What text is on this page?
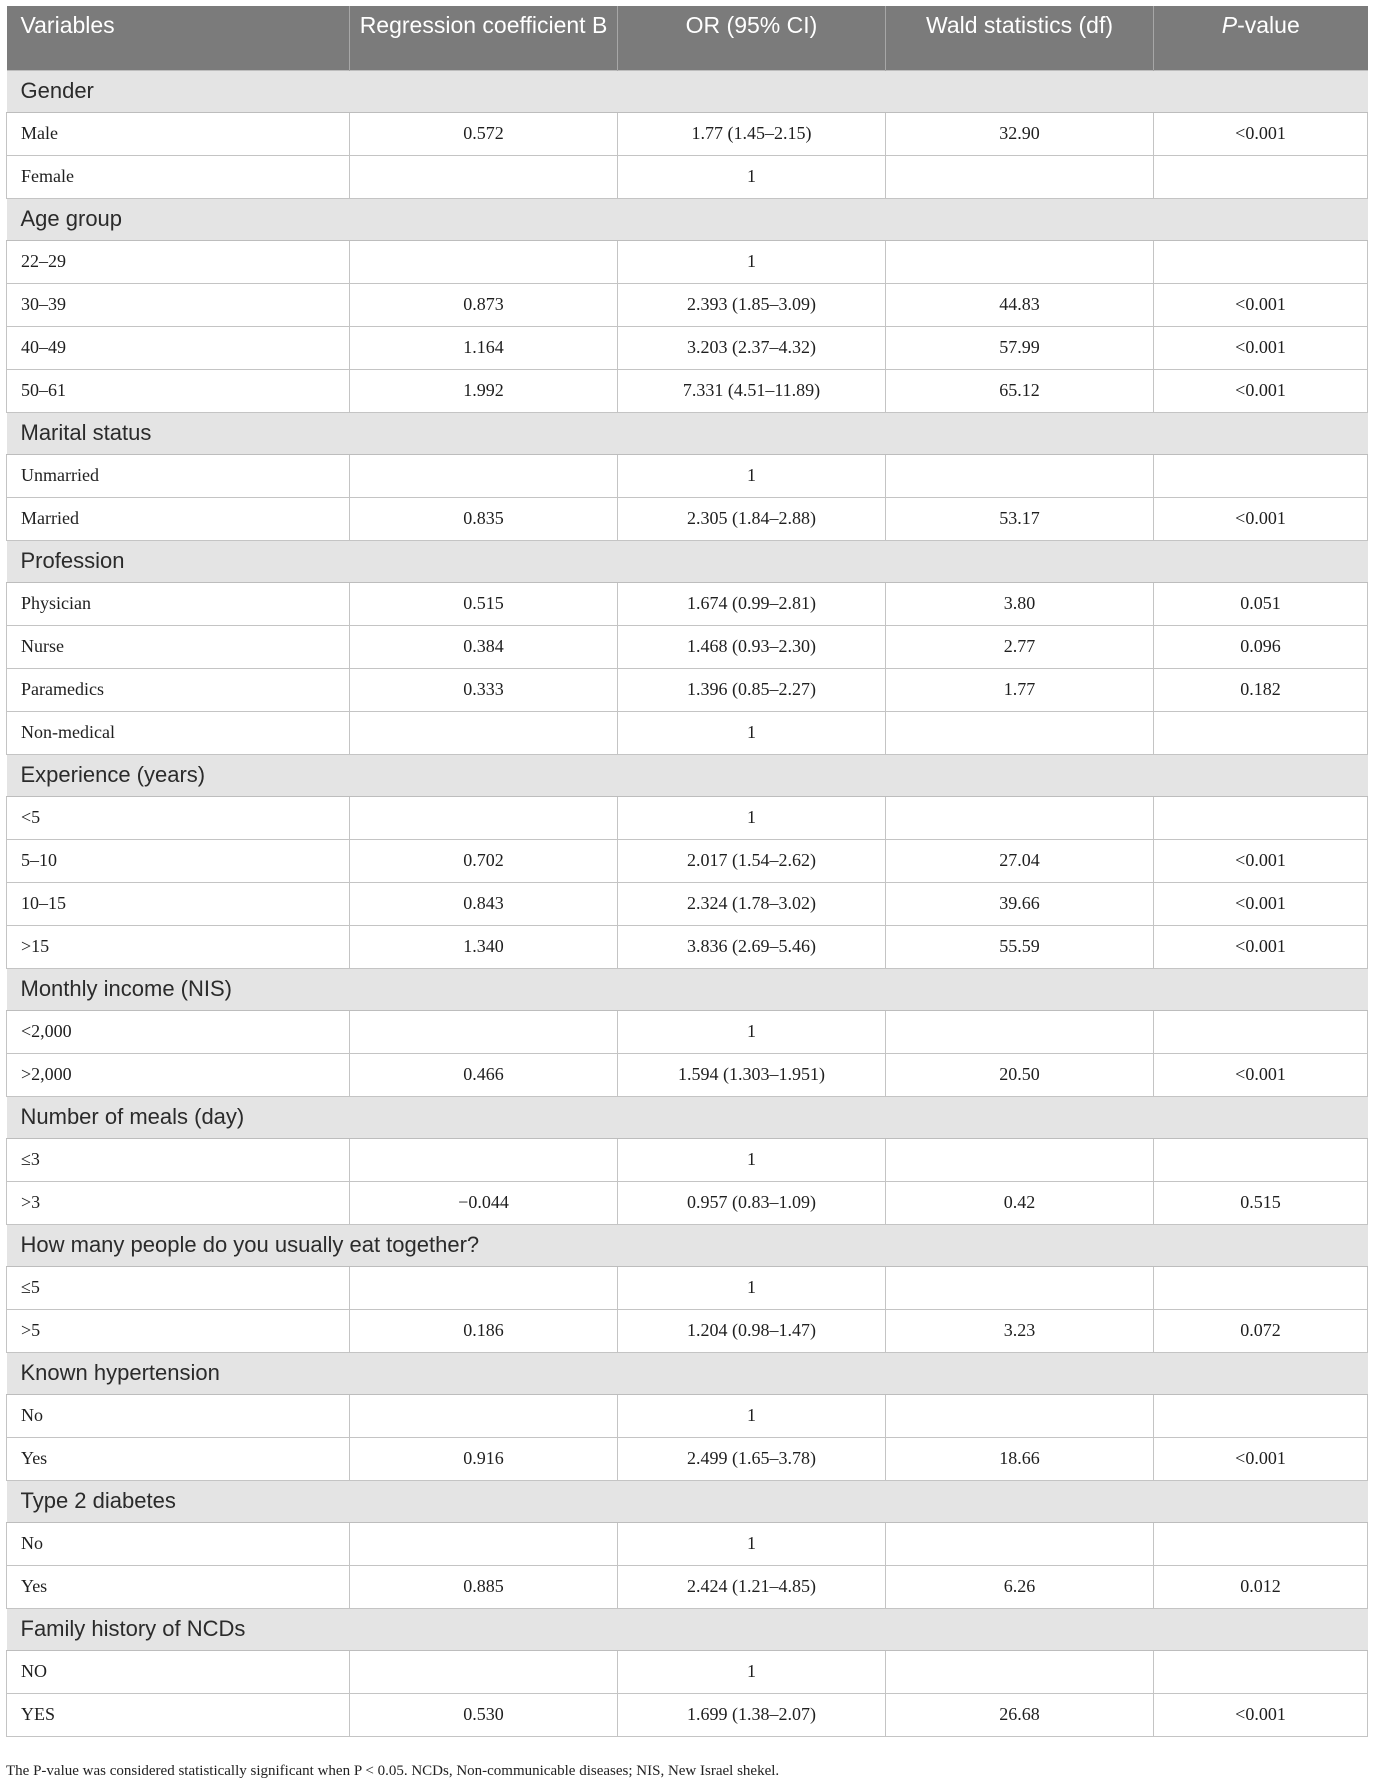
Variables	Regression coefficient B	OR (95% CI)	Wald statistics (df)	P-value
Gender				
Male	0.572	1.77 (1.45–2.15)	32.90	<0.001
Female		1		
Age group				
22–29		1		
30–39	0.873	2.393 (1.85–3.09)	44.83	<0.001
40–49	1.164	3.203 (2.37–4.32)	57.99	<0.001
50–61	1.992	7.331 (4.51–11.89)	65.12	<0.001
Marital status				
Unmarried		1		
Married	0.835	2.305 (1.84–2.88)	53.17	<0.001
Profession				
Physician	0.515	1.674 (0.99–2.81)	3.80	0.051
Nurse	0.384	1.468 (0.93–2.30)	2.77	0.096
Paramedics	0.333	1.396 (0.85–2.27)	1.77	0.182
Non-medical		1		
Experience (years)				
<5		1		
5–10	0.702	2.017 (1.54–2.62)	27.04	<0.001
10–15	0.843	2.324 (1.78–3.02)	39.66	<0.001
>15	1.340	3.836 (2.69–5.46)	55.59	<0.001
Monthly income (NIS)				
<2,000		1		
>2,000	0.466	1.594 (1.303–1.951)	20.50	<0.001
Number of meals (day)				
≤3		1		
>3	−0.044	0.957 (0.83–1.09)	0.42	0.515
How many people do you usually eat together?				
≤5		1		
>5	0.186	1.204 (0.98–1.47)	3.23	0.072
Known hypertension				
No		1		
Yes	0.916	2.499 (1.65–3.78)	18.66	<0.001
Type 2 diabetes				
No		1		
Yes	0.885	2.424 (1.21–4.85)	6.26	0.012
Family history of NCDs				
NO		1		
YES	0.530	1.699 (1.38–2.07)	26.68	<0.001
The P-value was considered statistically significant when P < 0.05. NCDs, Non-communicable diseases; NIS, New Israel shekel.
